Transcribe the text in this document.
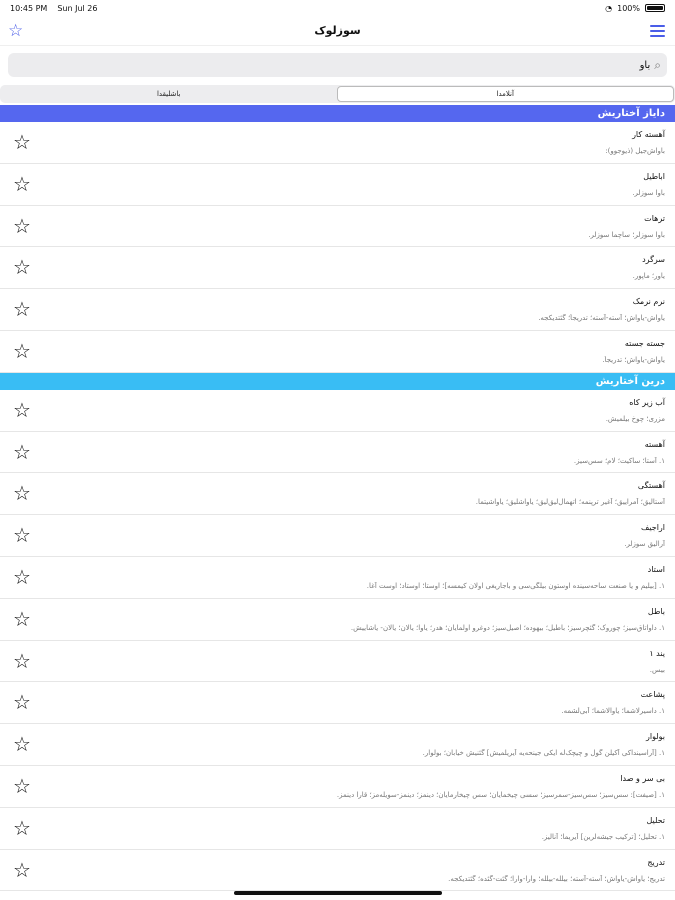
10:45 PM Sun Jul 26	◔ 100%
☆	سوزلوک
⌕
باو
باشلیقدا	آنلامدا
دایاز آختاریش
☆	آهسته کار
باواش‌جیل (ذیوجوو):
☆	اباطیل
باوا سوزلر.
☆	ترهات
باوا سوزلر؛ ساچما سوزلر.
☆	سرگرد
یاور؛ ماپور.
☆	نرم نرمک
یاواش-یاواش؛ آسته-آسته؛ تدریجاً؛ گئتدیکجه.
☆	جسته جسته
یاواش-یاواش؛ تدریجاً.
درین آختاریش
☆	آب زیر کاه
مزری؛ چوخ بیلمیش.
☆	آهسته
۱. آستا؛ ساکیت؛ لام؛ سس‌سیز.
☆	آهستگی
آستالیق؛ آمراییق؛ آغیر ترپنمه؛ اتهمال‌لیق‌لیق؛ یاواشلیق؛ یاواشیتما.
☆	اراجیف
آرالیق سوزلر.
☆	استاد
۱. [بیلیم و یا صنعت ساحه‌سینده اوستون بیلگی‌سی و باجاریغی اولان کیمسه]؛ اوستا؛ اوستاد؛ اوست آغا.
☆	باطل
۱. داواتاق‌سیز؛ چوروک؛ گئچرسیز؛ باطیل؛ بیهوده؛ اصیل‌سیز؛ دوغرو اولمایان؛ هدر؛ یاوا؛ یالان؛ یالان- یاشاییش.
☆	یند ۱
بیس.
☆	پشاعت
۱. داسیرلاشما؛ یاوالاشما؛ آبی‌لشمه.
☆	بولوار
۱. [آراسیندا‌کی آکیلن گول و چیچک‌له ایکی جینحه‌یه آیریلمیش] گئنیش خیابان؛ بولوار.
☆	بی سر و صدا
۱. [صیفت]: سس‌سیز؛ سس‌سیز-سمرسیز؛ سسی چیخمایان؛ سس چیخارمایان؛ دینمز؛ دینمز-سویله‌مز؛ قارا دینمز.
☆	تحلیل
۱. تحلیل؛ [ترکیب جیشه‌لرین] آیریما؛ آنالیز.
☆	تدریج
تدریج؛ یاواش-یاواش؛ آسته-آسته؛ بیلله-بیلله؛ وارا-وارا؛ گئت-گئده؛ گئتدیکجه.
